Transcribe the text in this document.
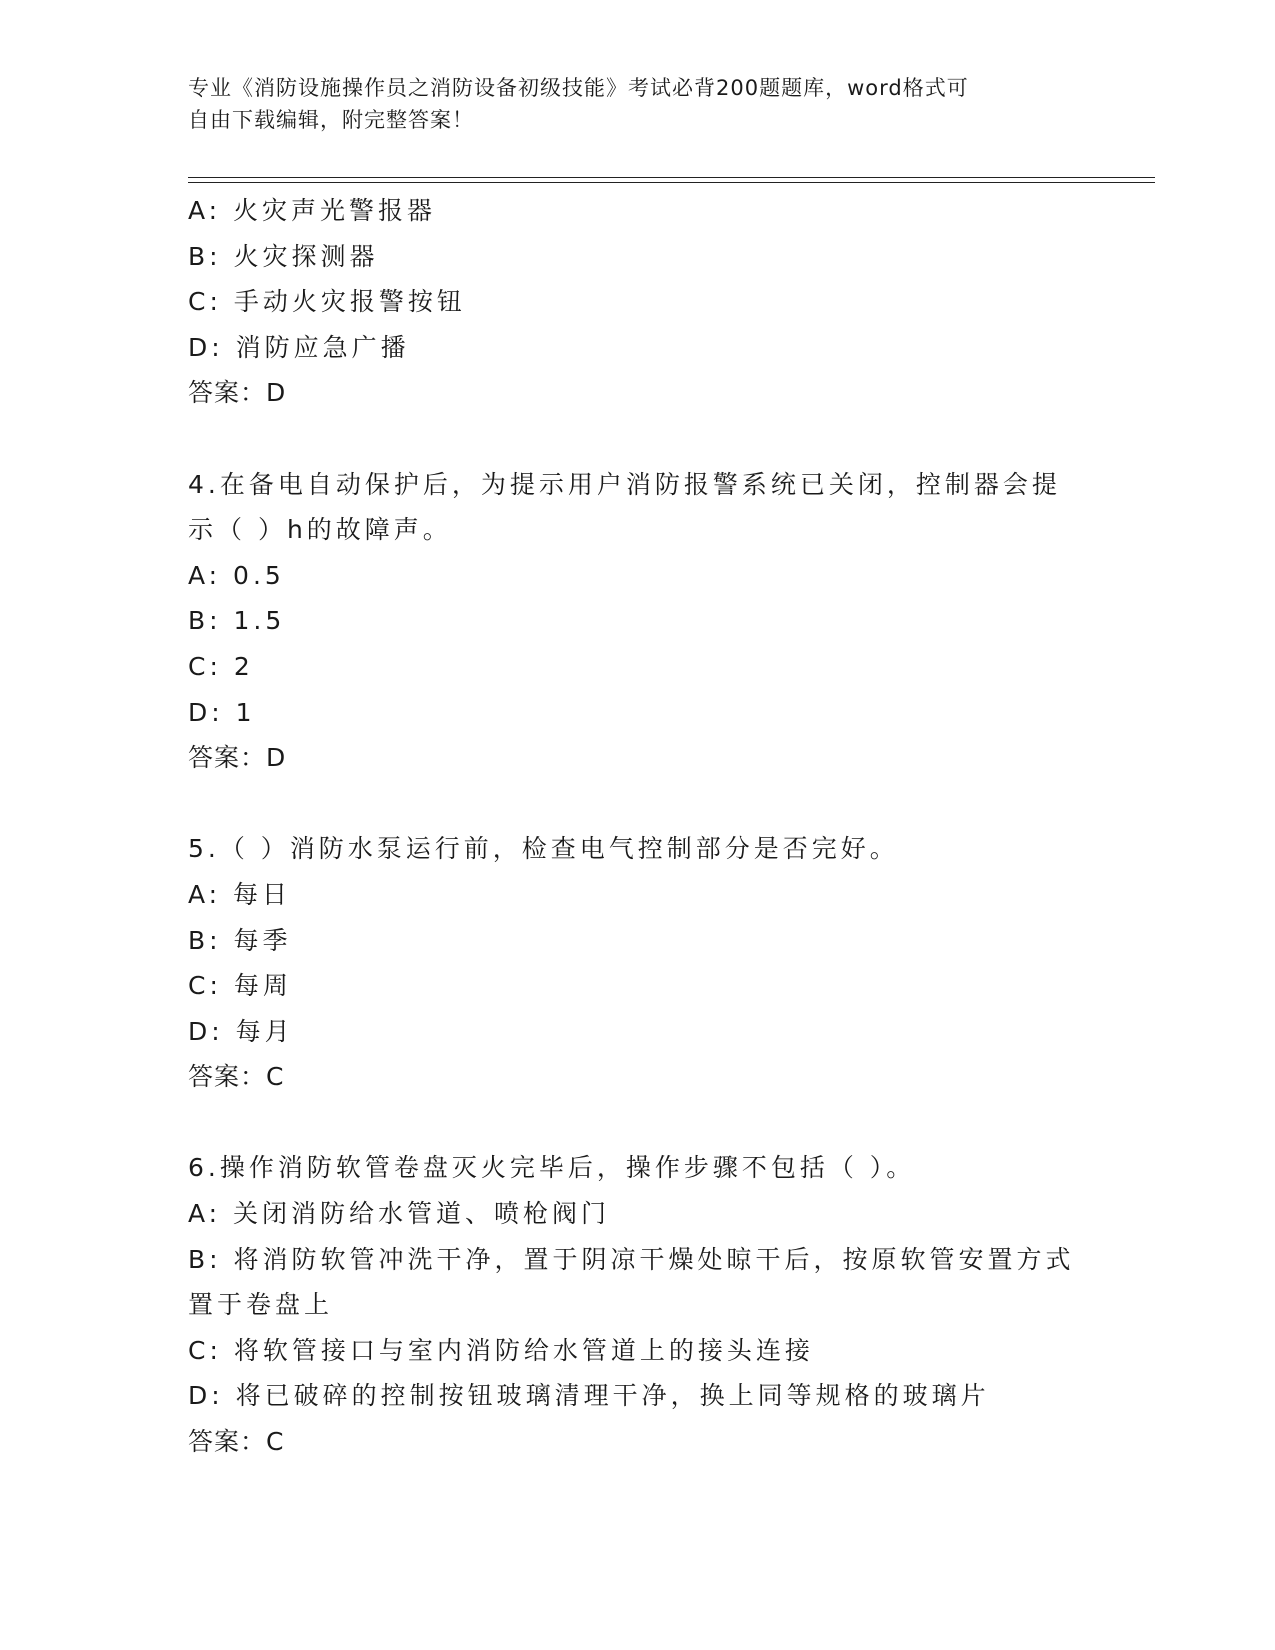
专业《消防设施操作员之消防设备初级技能》考试必背200题题库，word格式可
自由下载编辑，附完整答案！
A: 火灾声光警报器
B: 火灾探测器
C: 手动火灾报警按钮
D: 消防应急广播
答案：D
4.在备电自动保护后，为提示用户消防报警系统已关闭，控制器会提
示（ ）h的故障声。
A: 0.5
B: 1.5
C: 2
D: 1
答案：D
5.（ ）消防水泵运行前，检查电气控制部分是否完好。
A: 每日
B: 每季
C: 每周
D: 每月
答案：C
6.操作消防软管卷盘灭火完毕后，操作步骤不包括（ ）。
A: 关闭消防给水管道、喷枪阀门
B: 将消防软管冲洗干净，置于阴凉干燥处晾干后，按原软管安置方式
置于卷盘上
C: 将软管接口与室内消防给水管道上的接头连接
D: 将已破碎的控制按钮玻璃清理干净，换上同等规格的玻璃片
答案：C
